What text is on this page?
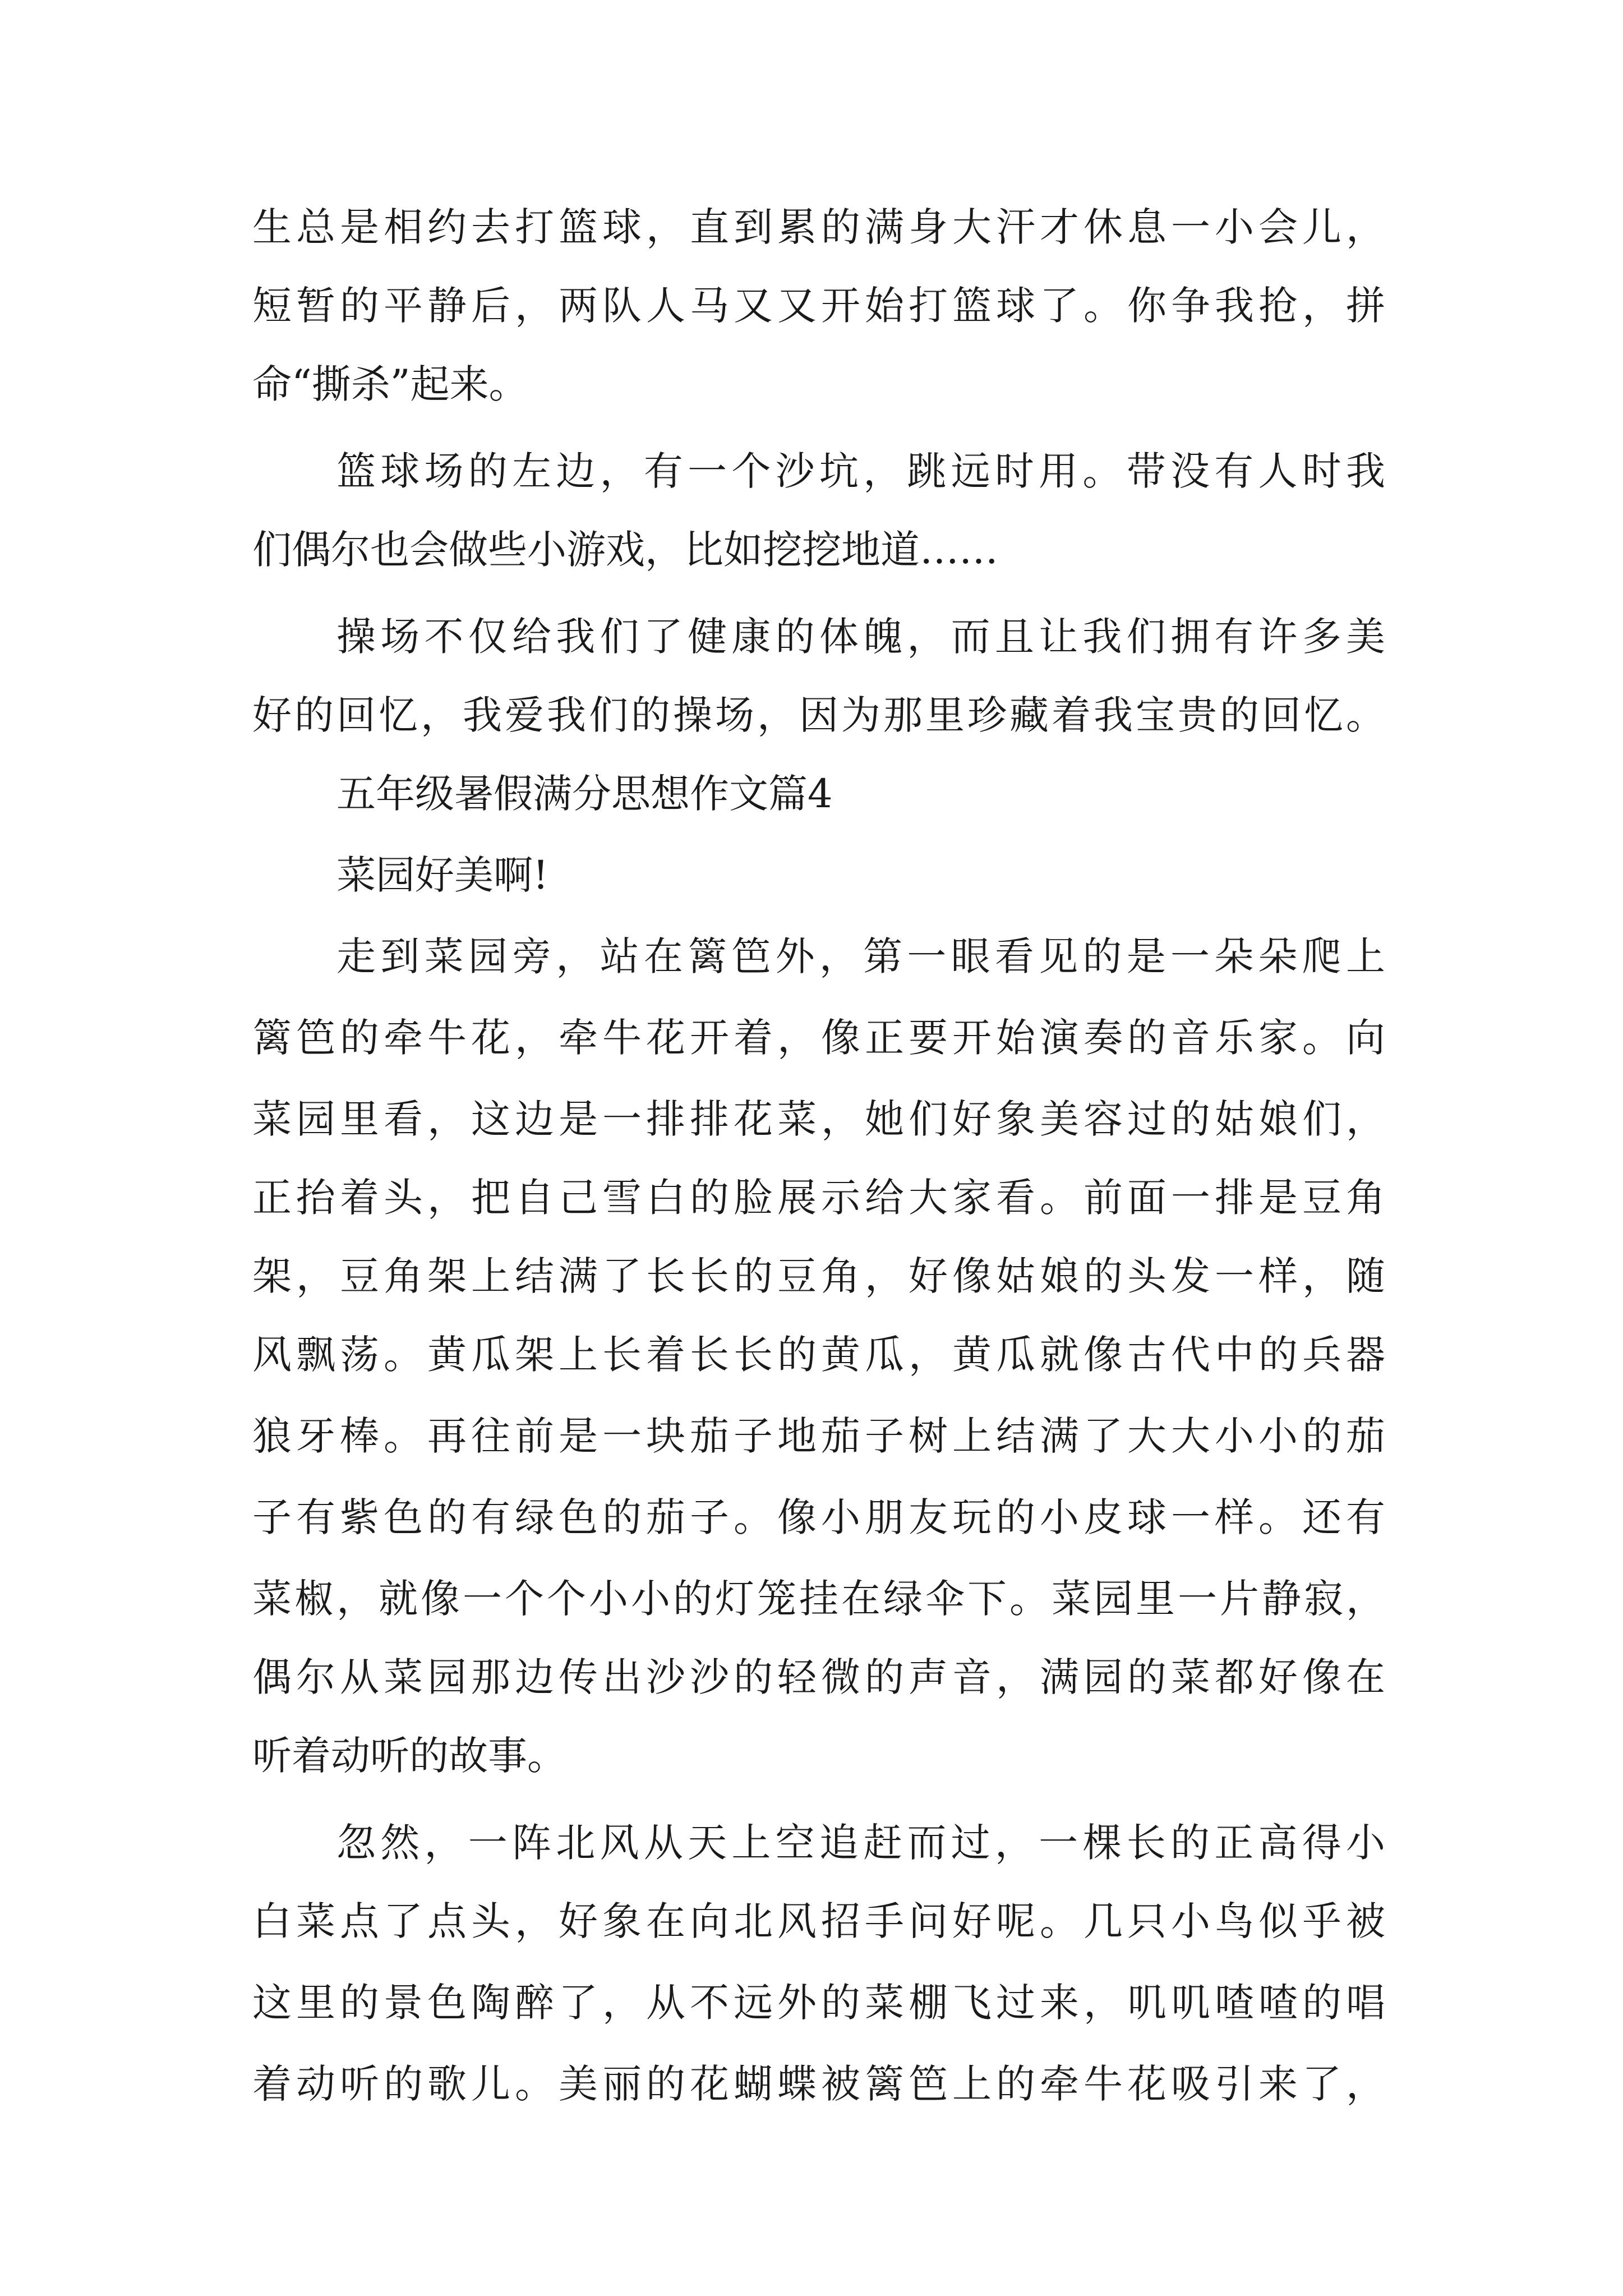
生总是相约去打篮球，直到累的满身大汗才休息一小会儿，
短暂的平静后，两队人马又又开始打篮球了。你争我抢，拼
命“撕杀”起来。
篮球场的左边，有一个沙坑，跳远时用。带没有人时我
们偶尔也会做些小游戏，比如挖挖地道……
操场不仅给我们了健康的体魄，而且让我们拥有许多美
好的回忆，我爱我们的操场，因为那里珍藏着我宝贵的回忆。
五年级暑假满分思想作文篇4
菜园好美啊!
走到菜园旁，站在篱笆外，第一眼看见的是一朵朵爬上
篱笆的牵牛花，牵牛花开着，像正要开始演奏的音乐家。向
菜园里看，这边是一排排花菜，她们好象美容过的姑娘们，
正抬着头，把自己雪白的脸展示给大家看。前面一排是豆角
架，豆角架上结满了长长的豆角，好像姑娘的头发一样，随
风飘荡。黄瓜架上长着长长的黄瓜，黄瓜就像古代中的兵器
狼牙棒。再往前是一块茄子地茄子树上结满了大大小小的茄
子有紫色的有绿色的茄子。像小朋友玩的小皮球一样。还有
菜椒，就像一个个小小的灯笼挂在绿伞下。菜园里一片静寂，
偶尔从菜园那边传出沙沙的轻微的声音，满园的菜都好像在
听着动听的故事。
忽然，一阵北风从天上空追赶而过，一棵长的正高得小
白菜点了点头，好象在向北风招手问好呢。几只小鸟似乎被
这里的景色陶醉了，从不远外的菜棚飞过来，叽叽喳喳的唱
着动听的歌儿。美丽的花蝴蝶被篱笆上的牵牛花吸引来了，
